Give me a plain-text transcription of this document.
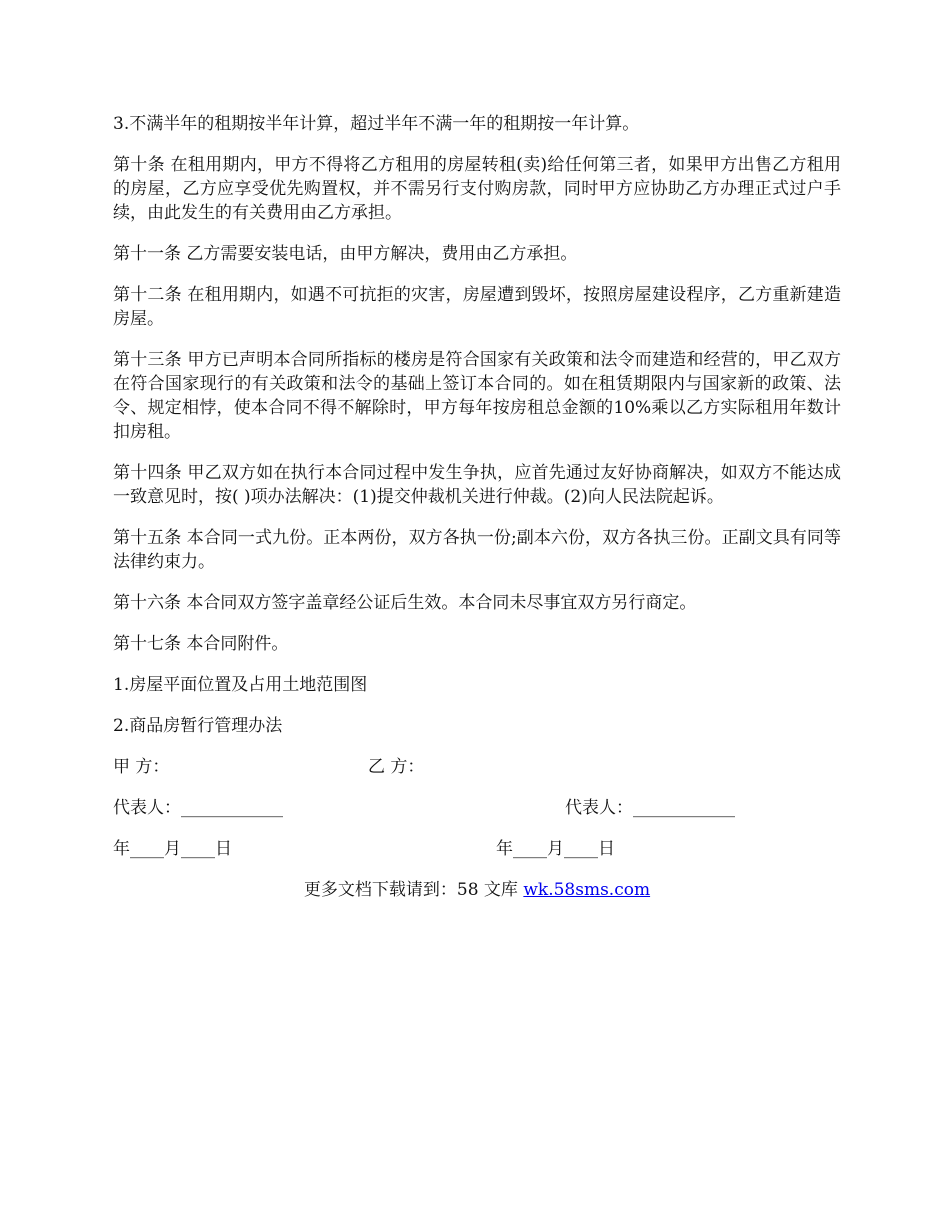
3.不满半年的租期按半年计算，超过半年不满一年的租期按一年计算。

第十条 在租用期内，甲方不得将乙方租用的房屋转租(卖)给任何第三者，如果甲方出售乙方租用的房屋，乙方应享受优先购置权，并不需另行支付购房款，同时甲方应协助乙方办理正式过户手续，由此发生的有关费用由乙方承担。

第十一条 乙方需要安装电话，由甲方解决，费用由乙方承担。

第十二条 在租用期内，如遇不可抗拒的灾害，房屋遭到毁坏，按照房屋建设程序，乙方重新建造房屋。

第十三条 甲方已声明本合同所指标的楼房是符合国家有关政策和法令而建造和经营的，甲乙双方在符合国家现行的有关政策和法令的基础上签订本合同的。如在租赁期限内与国家新的政策、法令、规定相悖，使本合同不得不解除时，甲方每年按房租总金额的10%乘以乙方实际租用年数计扣房租。

第十四条 甲乙双方如在执行本合同过程中发生争执，应首先通过友好协商解决，如双方不能达成一致意见时，按( )项办法解决：(1)提交仲裁机关进行仲裁。(2)向人民法院起诉。

第十五条 本合同一式九份。正本两份，双方各执一份;副本六份，双方各执三份。正副文具有同等法律约束力。

第十六条 本合同双方签字盖章经公证后生效。本合同未尽事宜双方另行商定。

第十七条 本合同附件。

1.房屋平面位置及占用土地范围图

2.商品房暂行管理办法

甲 方：	乙 方：
代表人：____________	代表人：____________
年____月____日	年____月____日

更多文档下载请到：58 文库 wk.58sms.com
